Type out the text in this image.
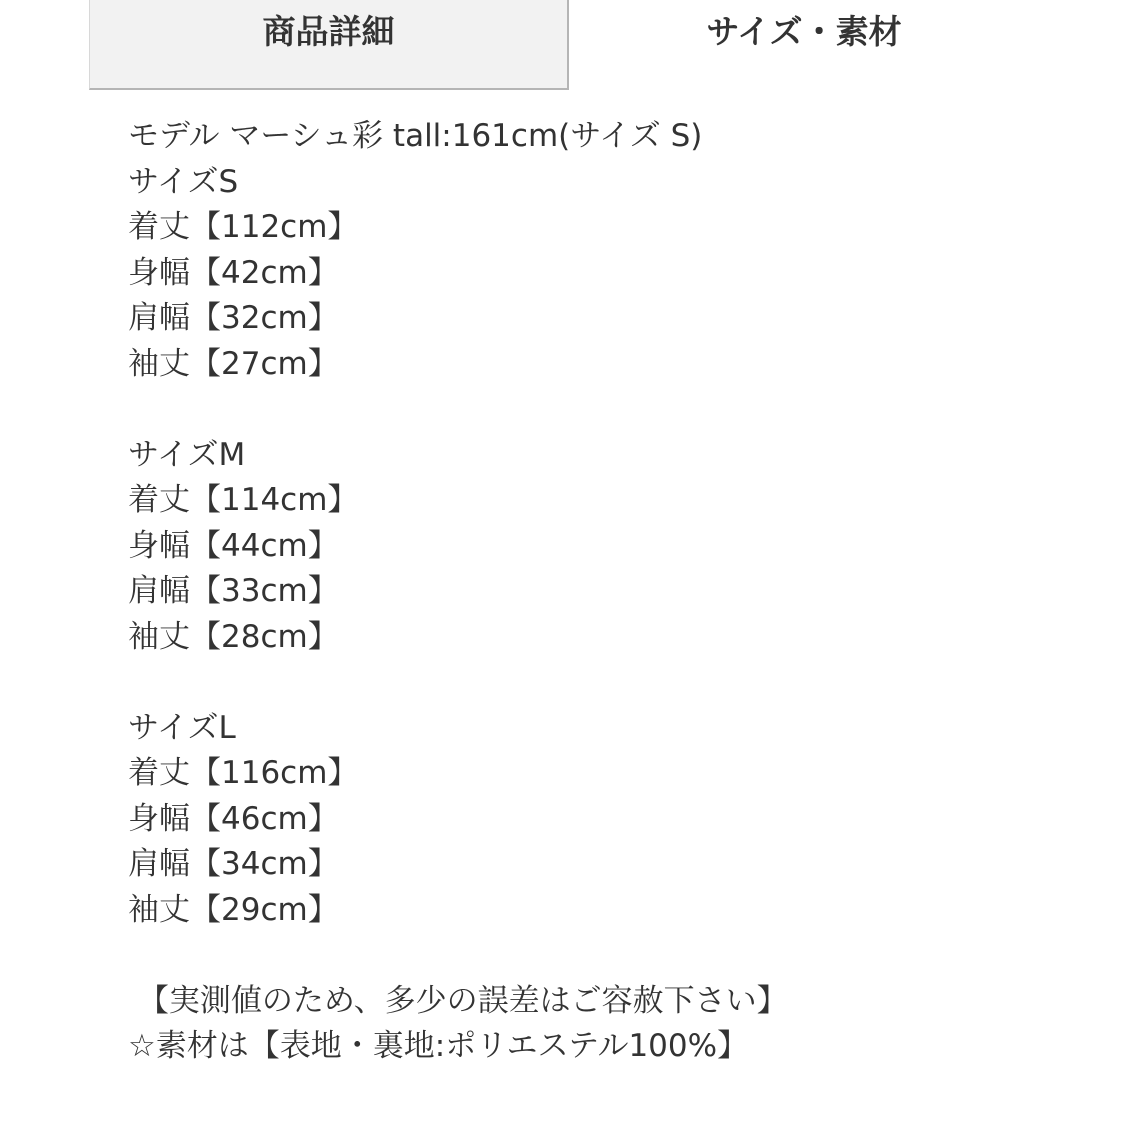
商品詳細	サイズ・素材
モデル マーシュ彩 tall:161cm(サイズ S)
サイズS
着丈【112cm】
身幅【42cm】
肩幅【32cm】
袖丈【27cm】
サイズM
着丈【114cm】
身幅【44cm】
肩幅【33cm】
袖丈【28cm】
サイズL
着丈【116cm】
身幅【46cm】
肩幅【34cm】
袖丈【29cm】
【実測値のため、多少の誤差はご容赦下さい】
☆素材は【表地・裏地:ポリエステル100%】
